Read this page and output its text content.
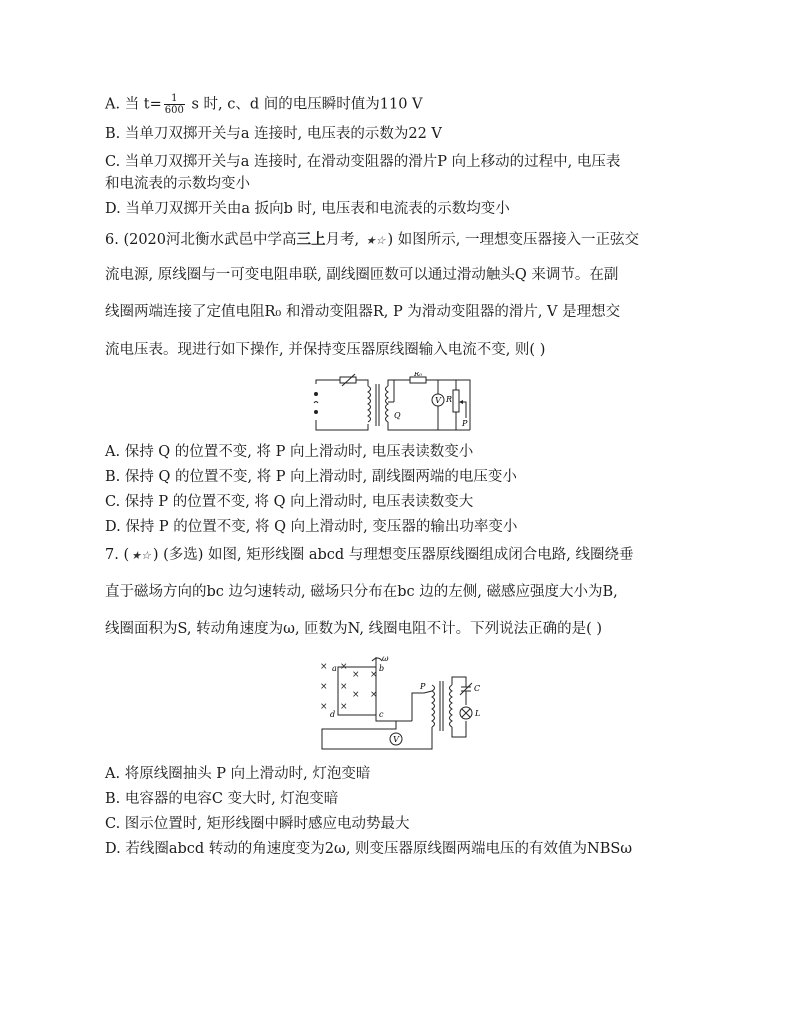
A. 当 $t= \frac{1}{600}$ s 时, c、d 间的电压瞬时值为110 V
B. 当单刀双掷开关与a 连接时, 电压表的示数为22 V
C. 当单刀双掷开关与a 连接时, 在滑动变阻器的滑片P 向上移动的过程中, 电压表
和电流表的示数均变小
D. 当单刀双掷开关由a 扳向b 时, 电压表和电流表的示数均变小
6. (2020河北衡水武邑中学高三上月考, ★☆ ) 如图所示, 一理想变压器接入一正弦交
流电源, 原线圈与一可变电阻串联, 副线圈匝数可以通过滑动触头Q 来调节。在副
线圈两端连接了定值电阻R₀ 和滑动变阻器R, P 为滑动变阻器的滑片, V 是理想交
流电压表。现进行如下操作, 并保持变压器原线圈输入电流不变, 则( )
V
R₀
R
P
Q
A. 保持 Q 的位置不变, 将 P 向上滑动时, 电压表读数变小
B. 保持 Q 的位置不变, 将 P 向上滑动时, 副线圈两端的电压变小
C. 保持 P 的位置不变, 将 Q 向上滑动时, 电压表读数变大
D. 保持 P 的位置不变, 将 Q 向上滑动时, 变压器的输出功率变小
7. ( ★☆ ) (多选) 如图, 矩形线圈 abcd 与理想变压器原线圈组成闭合电路, 线圈绕垂
直于磁场方向的bc 边匀速转动, 磁场只分布在bc 边的左侧, 磁感应强度大小为B,
线圈面积为S, 转动角速度为ω, 匝数为N, 线圈电阻不计。下列说法正确的是( )
×
×
×
×
×
×
×
×
×
×
V
a	b
c
d
ω
P	C
L
A. 将原线圈抽头 P 向上滑动时, 灯泡变暗
B. 电容器的电容C 变大时, 灯泡变暗
C. 图示位置时, 矩形线圈中瞬时感应电动势最大
D. 若线圈abcd 转动的角速度变为2ω, 则变压器原线圈两端电压的有效值为NBSω
